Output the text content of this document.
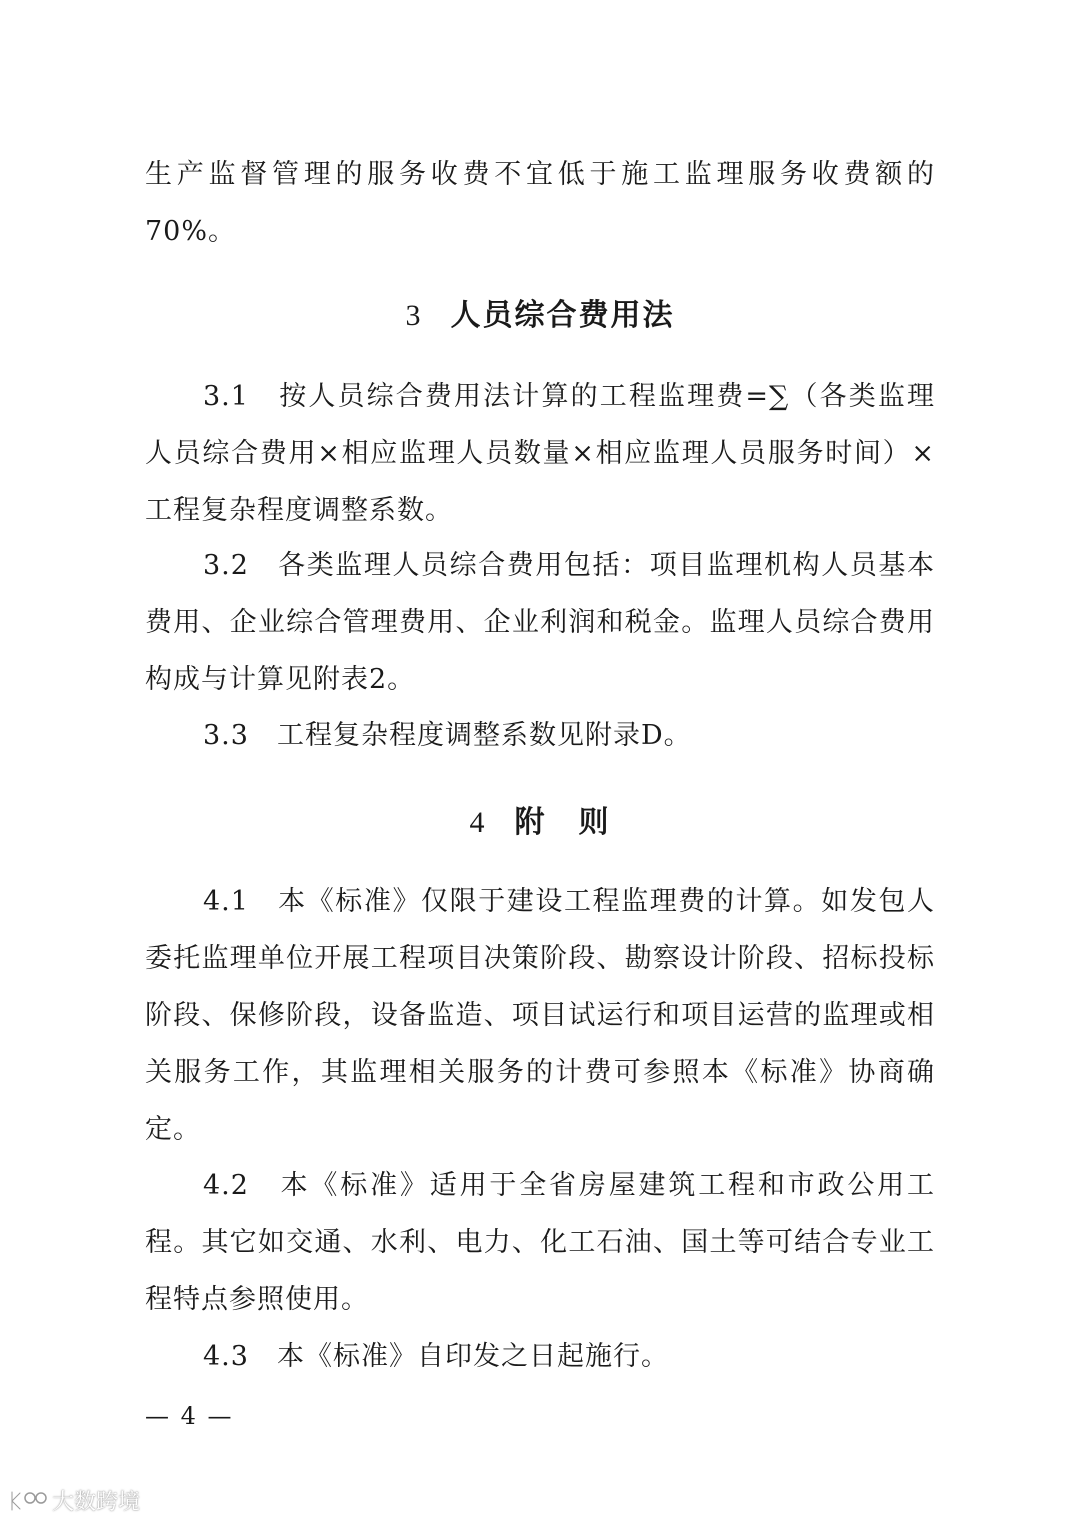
生产监督管理的服务收费不宜低于施工监理服务收费额的70%。

3 人员综合费用法

3.1　按人员综合费用法计算的工程监理费=∑（各类监理人员综合费用×相应监理人员数量×相应监理人员服务时间）×工程复杂程度调整系数。

3.2　各类监理人员综合费用包括：项目监理机构人员基本费用、企业综合管理费用、企业利润和税金。监理人员综合费用构成与计算见附表2。

3.3　工程复杂程度调整系数见附录D。

4 附　则

4.1　本《标准》仅限于建设工程监理费的计算。如发包人委托监理单位开展工程项目决策阶段、勘察设计阶段、招标投标阶段、保修阶段，设备监造、项目试运行和项目运营的监理或相关服务工作，其监理相关服务的计费可参照本《标准》协商确定。

4.2　本《标准》适用于全省房屋建筑工程和市政公用工程。其它如交通、水利、电力、化工石油、国土等可结合专业工程特点参照使用。

4.3　本《标准》自印发之日起施行。

— 4 —
大数跨境
